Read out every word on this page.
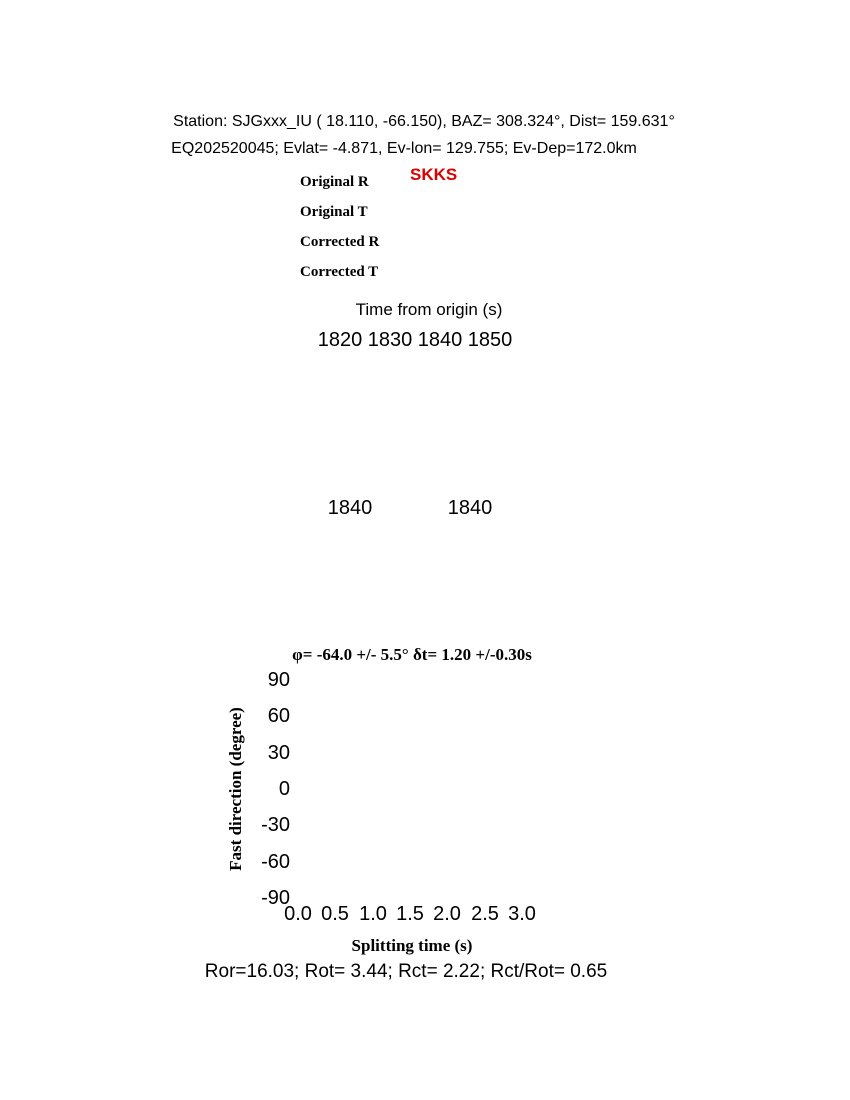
Station: SJGxxx_IU ( 18.110, -66.150), BAZ= 308.324°, Dist= 159.631°
EQ202520045; Evlat= -4.871, Ev-lon= 129.755; Ev-Dep=172.0km
Original R
Original T
Corrected R
Corrected T
SKKS
Time from origin (s)
1820 1830 1840 1850
1840	1840
φ= -64.0 +/- 5.5° δt= 1.20 +/-0.30s
Fast direction (degree)
90
60
30
0
-30
-60
-90
0.0 0.5 1.0 1.5 2.0 2.5 3.0
Splitting time (s)
Ror=16.03; Rot= 3.44; Rct= 2.22; Rct/Rot= 0.65
